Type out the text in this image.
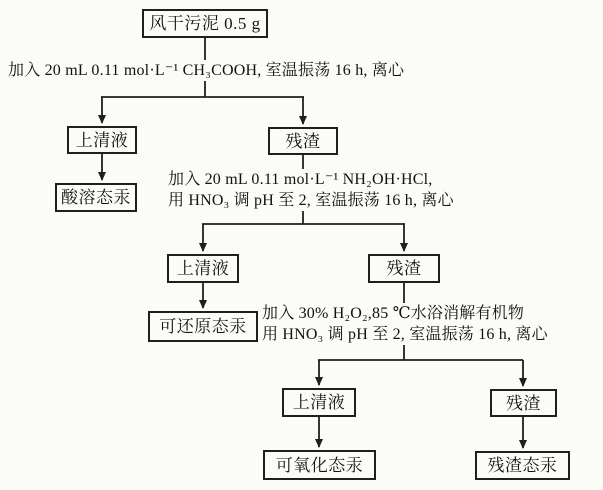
风干污泥 0.5 g
上清液	残渣
酸溶态汞
上清液	残渣
可还原态汞
上清液	残渣
可氧化态汞	残渣态汞
加入 20 mL 0.11 mol·L⁻¹ CH₃COOH, 室温振荡 16 h, 离心
加入 20 mL 0.11 mol·L⁻¹ NH₂OH·HCl,
用 HNO₃ 调 pH 至 2, 室温振荡 16 h, 离心
加入 30% H₂O₂,85 ℃水浴消解有机物
用 HNO₃ 调 pH 至 2, 室温振荡 16 h, 离心
